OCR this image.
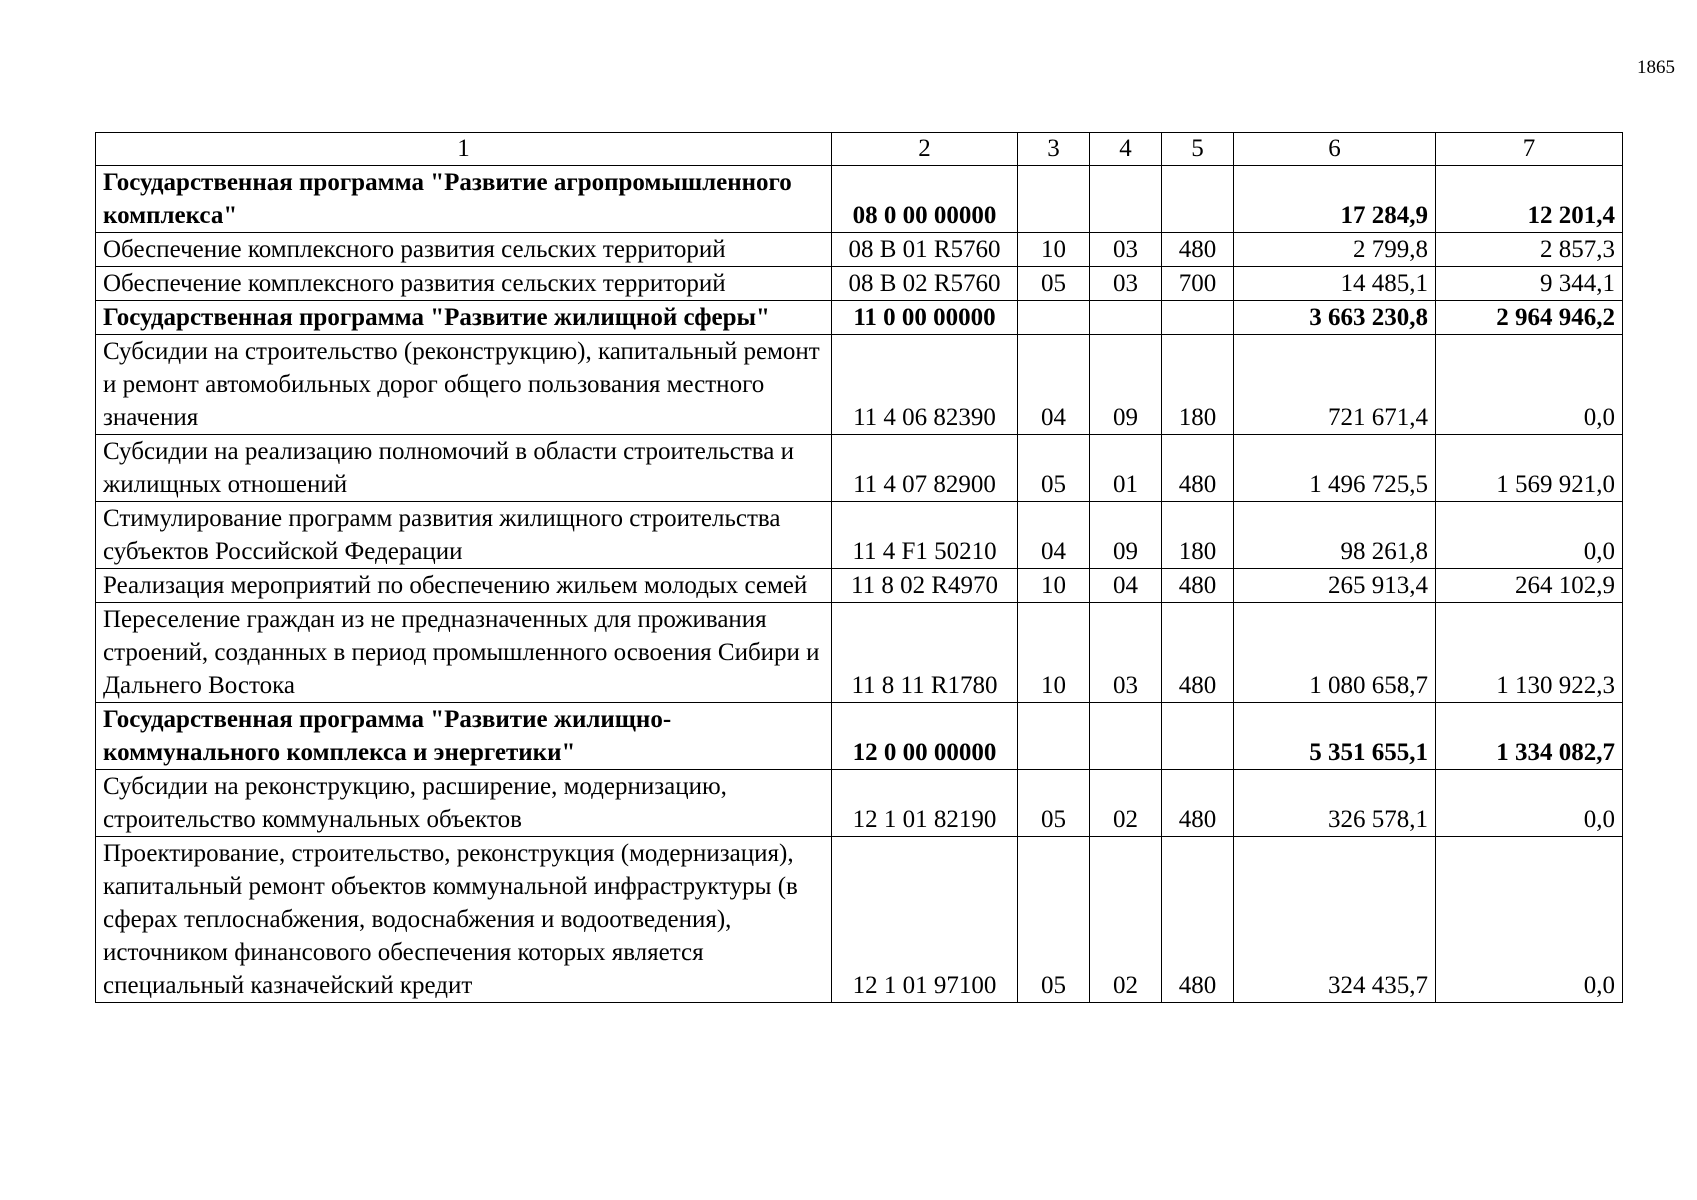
1865
1	2	3	4	5	6	7
Государственная программа "Развитие агропромышленного комплекса"	08 0 00 00000				17 284,9	12 201,4
Обеспечение комплексного развития сельских территорий	08 В 01 R5760	10	03	480	2 799,8	2 857,3
Обеспечение комплексного развития сельских территорий	08 В 02 R5760	05	03	700	14 485,1	9 344,1
Государственная программа "Развитие жилищной сферы"	11 0 00 00000				3 663 230,8	2 964 946,2
Субсидии на строительство (реконструкцию), капитальный ремонт и ремонт автомобильных дорог общего пользования местного значения	11 4 06 82390	04	09	180	721 671,4	0,0
Субсидии на реализацию полномочий в области строительства и жилищных отношений	11 4 07 82900	05	01	480	1 496 725,5	1 569 921,0
Стимулирование программ развития жилищного строительства субъектов Российской Федерации	11 4 F1 50210	04	09	180	98 261,8	0,0
Реализация мероприятий по обеспечению жильем молодых семей	11 8 02 R4970	10	04	480	265 913,4	264 102,9
Переселение граждан из не предназначенных для проживания строений, созданных в период промышленного освоения Сибири и Дальнего Востока	11 8 11 R1780	10	03	480	1 080 658,7	1 130 922,3
Государственная программа "Развитие жилищно-коммунального комплекса и энергетики"	12 0 00 00000				5 351 655,1	1 334 082,7
Субсидии на реконструкцию, расширение, модернизацию, строительство коммунальных объектов	12 1 01 82190	05	02	480	326 578,1	0,0
Проектирование, строительство, реконструкция (модернизация), капитальный ремонт объектов коммунальной инфраструктуры (в сферах теплоснабжения, водоснабжения и водоотведения), источником финансового обеспечения которых является специальный казначейский кредит	12 1 01 97100	05	02	480	324 435,7	0,0
